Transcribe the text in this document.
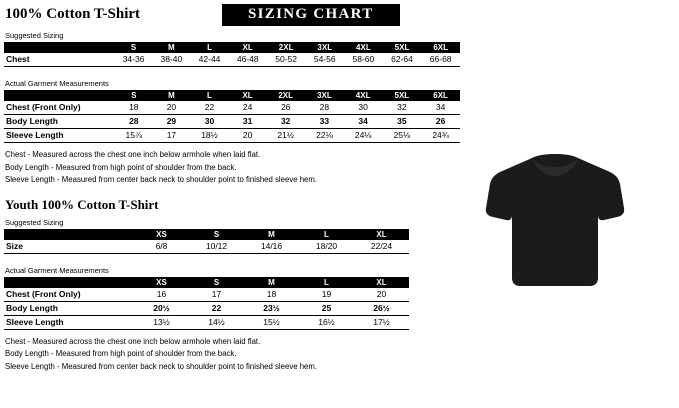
100% Cotton T-Shirt	SIZING CHART
Suggested Sizing
	S	M	L	XL	2XL	3XL	4XL	5XL	6XL
Chest	34-36	38-40	42-44	46-48	50-52	54-56	58-60	62-64	66-68
Actual Garment Measurements
	S	M	L	XL	2XL	3XL	4XL	5XL	6XL
Chest (Front Only)	18	20	22	24	26	28	30	32	34
Body Length	28	29	30	31	32	33	34	35	26
Sleeve Length	15⅞	17	18½	20	21½	22⅛	24⅛	25⅛	24¾
Chest - Measured across the chest one inch below armhole when laid flat.
Body Length - Measured from high point of shoulder from the back.
Sleeve Length - Measured from center back neck to shoulder point to finished sleeve hem.
Youth 100% Cotton T-Shirt
Suggested Sizing
	XS	S	M	L	XL
Size	6/8	10/12	14/16	18/20	22/24
Actual Garment Measurements
	XS	S	M	L	XL
Chest (Front Only)	16	17	18	19	20
Body Length	20½	22	23½	25	26½
Sleeve Length	13½	14½	15½	16½	17½
Chest - Measured across the chest one inch below armhole when laid flat.
Body Length - Measured from high point of shoulder from the back.
Sleeve Length - Measured from center back neck to shoulder point to finished sleeve hem.
